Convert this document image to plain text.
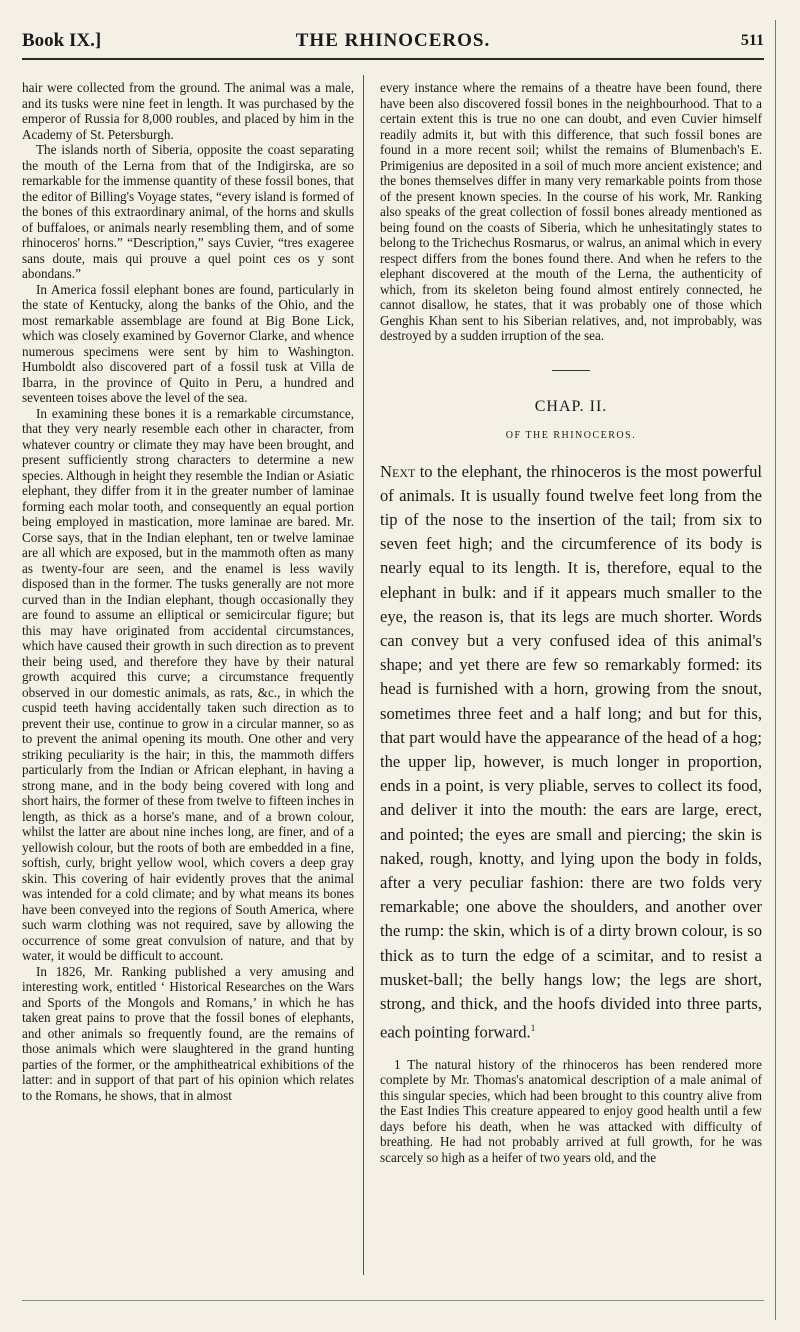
Book IX.]	THE RHINOCEROS.	511

hair were collected from the ground. The animal was a male, and its tusks were nine feet in length. It was purchased by the emperor of Russia for 8,000 roubles, and placed by him in the Academy of St. Petersburgh.

The islands north of Siberia, opposite the coast separating the mouth of the Lerna from that of the Indigirska, are so remarkable for the immense quantity of these fossil bones, that the editor of Billing's Voyage states, “every island is formed of the bones of this extraordinary animal, of the horns and skulls of buffaloes, or animals nearly resembling them, and of some rhinoceros' horns.” “Description,” says Cuvier, “tres exageree sans doute, mais qui prouve a quel point ces os y sont abondans.”

In America fossil elephant bones are found, particularly in the state of Kentucky, along the banks of the Ohio, and the most remarkable assemblage are found at Big Bone Lick, which was closely examined by Governor Clarke, and whence numerous specimens were sent by him to Washington. Humboldt also discovered part of a fossil tusk at Villa de Ibarra, in the province of Quito in Peru, a hundred and seventeen toises above the level of the sea.

In examining these bones it is a remarkable circumstance, that they very nearly resemble each other in character, from whatever country or climate they may have been brought, and present sufficiently strong characters to determine a new species. Although in height they resemble the Indian or Asiatic elephant, they differ from it in the greater number of laminae forming each molar tooth, and consequently an equal portion being employed in mastication, more laminae are bared. Mr. Corse says, that in the Indian elephant, ten or twelve laminae are all which are exposed, but in the mammoth often as many as twenty-four are seen, and the enamel is less wavily disposed than in the former. The tusks generally are not more curved than in the Indian elephant, though occasionally they are found to assume an elliptical or semicircular figure; but this may have originated from accidental circumstances, which have caused their growth in such direction as to prevent their being used, and therefore they have by their natural growth acquired this curve; a circumstance frequently observed in our domestic animals, as rats, &c., in which the cuspid teeth having accidentally taken such direction as to prevent their use, continue to grow in a circular manner, so as to prevent the animal opening its mouth. One other and very striking peculiarity is the hair; in this, the mammoth differs particularly from the Indian or African elephant, in having a strong mane, and in the body being covered with long and short hairs, the former of these from twelve to fifteen inches in length, as thick as a horse's mane, and of a brown colour, whilst the latter are about nine inches long, are finer, and of a yellowish colour, but the roots of both are embedded in a fine, softish, curly, bright yellow wool, which covers a deep gray skin. This covering of hair evidently proves that the animal was intended for a cold climate; and by what means its bones have been conveyed into the regions of South America, where such warm clothing was not required, save by allowing the occurrence of some great convulsion of nature, and that by water, it would be difficult to account.

In 1826, Mr. Ranking published a very amusing and interesting work, entitled ‘ Historical Researches on the Wars and Sports of the Mongols and Romans,’ in which he has taken great pains to prove that the fossil bones of elephants, and other animals so frequently found, are the remains of those animals which were slaughtered in the grand hunting parties of the former, or the amphitheatrical exhibitions of the latter: and in support of that part of his opinion which relates to the Romans, he shows, that in almost

every instance where the remains of a theatre have been found, there have been also discovered fossil bones in the neighbourhood. That to a certain extent this is true no one can doubt, and even Cuvier himself readily admits it, but with this difference, that such fossil bones are found in a more recent soil; whilst the remains of Blumenbach's E. Primigenius are deposited in a soil of much more ancient existence; and the bones themselves differ in many very remarkable points from those of the present known species. In the course of his work, Mr. Ranking also speaks of the great collection of fossil bones already mentioned as being found on the coasts of Siberia, which he unhesitatingly states to belong to the Trichechus Rosmarus, or walrus, an animal which in every respect differs from the bones found there. And when he refers to the elephant discovered at the mouth of the Lerna, the authenticity of which, from its skeleton being found almost entirely connected, he cannot disallow, he states, that it was probably one of those which Genghis Khan sent to his Siberian relatives, and, not improbably, was destroyed by a sudden irruption of the sea.

CHAP. II.
OF THE RHINOCEROS.

Next to the elephant, the rhinoceros is the most powerful of animals. It is usually found twelve feet long from the tip of the nose to the insertion of the tail; from six to seven feet high; and the circumference of its body is nearly equal to its length. It is, therefore, equal to the elephant in bulk: and if it appears much smaller to the eye, the reason is, that its legs are much shorter. Words can convey but a very confused idea of this animal's shape; and yet there are few so remarkably formed: its head is furnished with a horn, growing from the snout, sometimes three feet and a half long; and but for this, that part would have the appearance of the head of a hog; the upper lip, however, is much longer in proportion, ends in a point, is very pliable, serves to collect its food, and deliver it into the mouth: the ears are large, erect, and pointed; the eyes are small and piercing; the skin is naked, rough, knotty, and lying upon the body in folds, after a very peculiar fashion: there are two folds very remarkable; one above the shoulders, and another over the rump: the skin, which is of a dirty brown colour, is so thick as to turn the edge of a scimitar, and to resist a musket-ball; the belly hangs low; the legs are short, strong, and thick, and the hoofs divided into three parts, each pointing forward.$^1$

1 The natural history of the rhinoceros has been rendered more complete by Mr. Thomas's anatomical description of a male animal of this singular species, which had been brought to this country alive from the East Indies This creature appeared to enjoy good health until a few days before his death, when he was attacked with difficulty of breathing. He had not probably arrived at full growth, for he was scarcely so high as a heifer of two years old, and the
